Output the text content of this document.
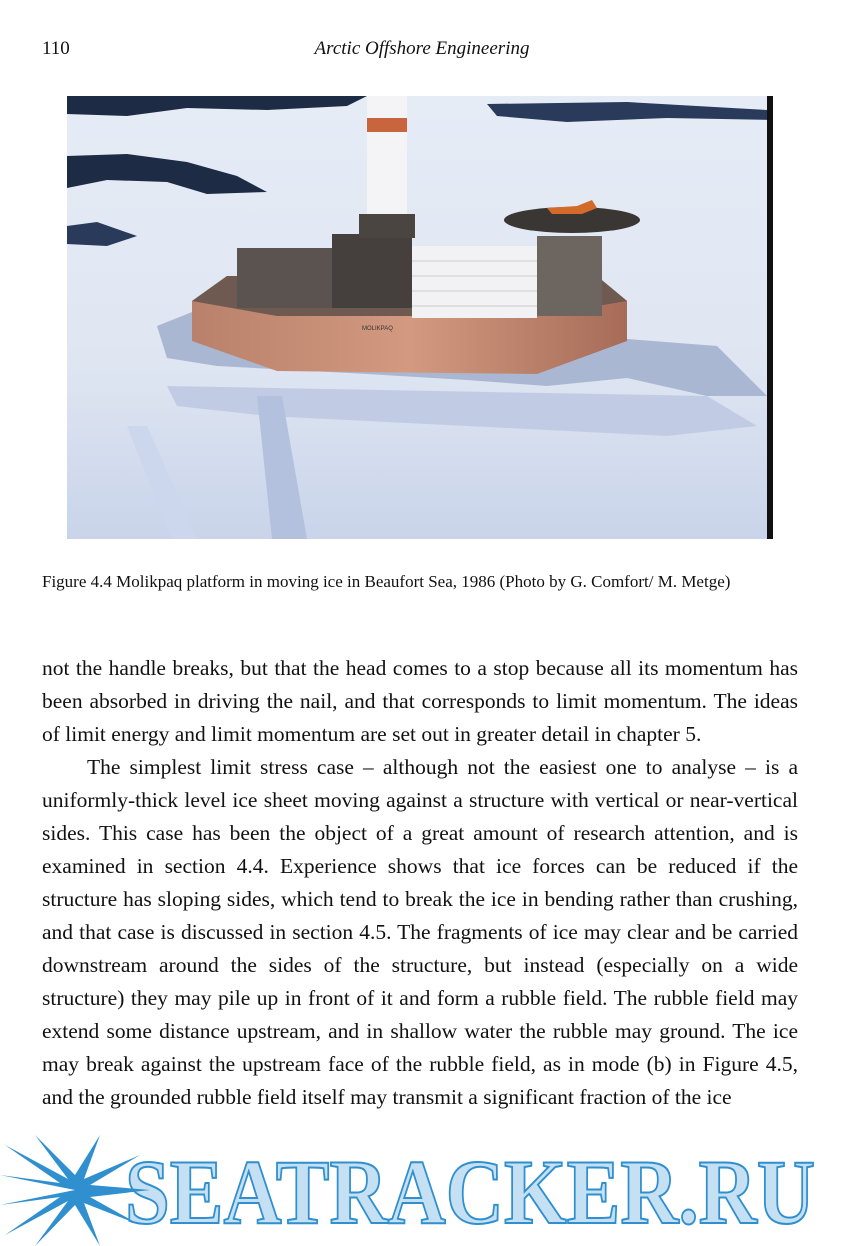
110	Arctic Offshore Engineering
MOLIKPAQ
Figure 4.4 Molikpaq platform in moving ice in Beaufort Sea, 1986 (Photo by G. Comfort/ M. Metge)

not the handle breaks, but that the head comes to a stop because all its momentum has been absorbed in driving the nail, and that corresponds to limit momentum. The ideas of limit energy and limit momentum are set out in greater detail in chapter 5.

The simplest limit stress case – although not the easiest one to analyse – is a uniformly-thick level ice sheet moving against a structure with vertical or near-vertical sides. This case has been the object of a great amount of research attention, and is examined in section 4.4. Experience shows that ice forces can be reduced if the structure has sloping sides, which tend to break the ice in bending rather than crushing, and that case is discussed in section 4.5. The fragments of ice may clear and be carried downstream around the sides of the structure, but instead (especially on a wide structure) they may pile up in front of it and form a rubble field. The rubble field may extend some distance upstream, and in shallow water the rubble may ground. The ice may break against the upstream face of the rubble field, as in mode (b) in Figure 4.5, and the grounded rubble field itself may transmit a significant fraction of the ice

SEATRACKER.RU
